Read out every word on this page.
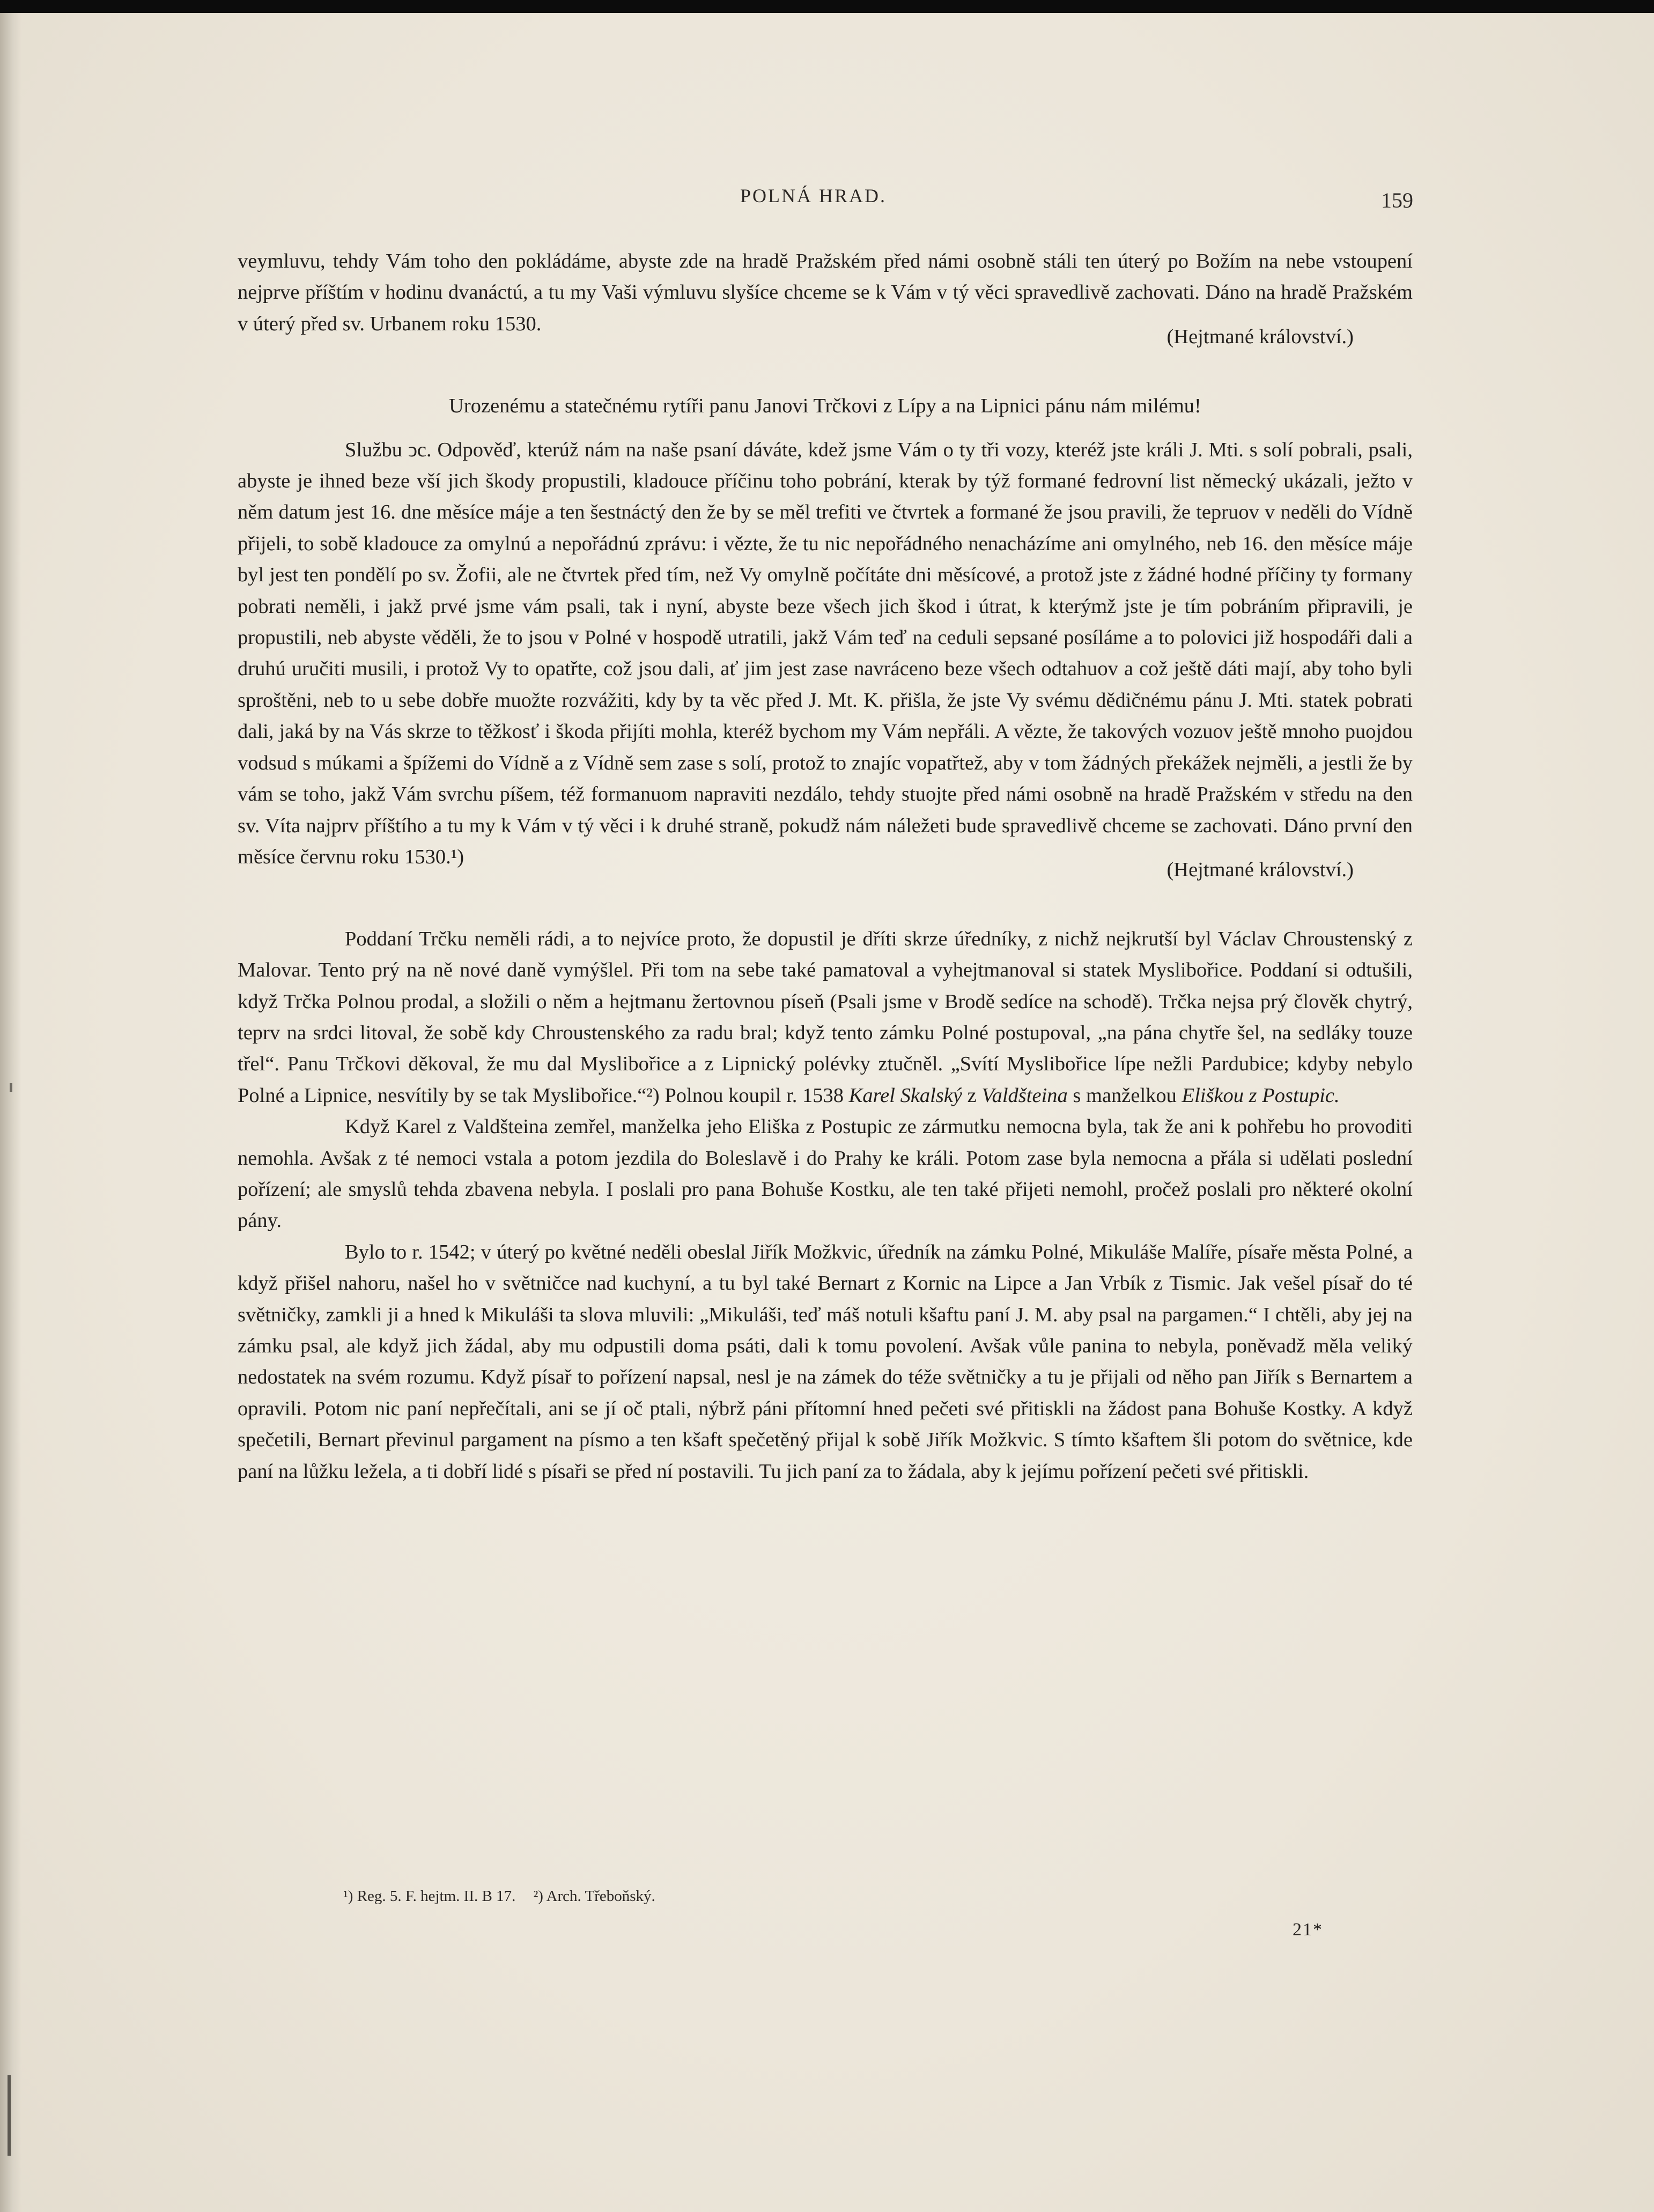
POLNÁ HRAD.	159

veymluvu, tehdy Vám toho den pokládáme, abyste zde na hradě Pražském před námi osobně stáli ten úterý po Božím na nebe vstoupení nejprve příštím v hodinu dvanáctú, a tu my Vaši výmluvu slyšíce chceme se k Vám v tý věci spravedlivě zachovati. Dáno na hradě Pražském v úterý před sv. Urbanem roku 1530.

(Hejtmané království.)

Urozenému a statečnému rytíři panu Janovi Trčkovi z Lípy a na Lipnici pánu nám milému!

Službu ↄc. Odpověď, kterúž nám na naše psaní dáváte, kdež jsme Vám o ty tři vozy, kteréž jste králi J. Mti. s solí pobrali, psali, abyste je ihned beze vší jich škody propustili, kladouce příčinu toho pobrání, kterak by týž formané fedrovní list německý ukázali, ježto v něm datum jest 16. dne měsíce máje a ten šestnáctý den že by se měl trefiti ve čtvrtek a formané že jsou pravili, že tepruov v neděli do Vídně přijeli, to sobě kladouce za omylnú a nepořádnú zprávu: i vězte, že tu nic nepořádného nenacházíme ani omylného, neb 16. den měsíce máje byl jest ten pondělí po sv. Žofii, ale ne čtvrtek před tím, než Vy omylně počítáte dni měsícové, a protož jste z žádné hodné příčiny ty formany pobrati neměli, i jakž prvé jsme vám psali, tak i nyní, abyste beze všech jich škod i útrat, k kterýmž jste je tím pobráním připravili, je propustili, neb abyste věděli, že to jsou v Polné v hospodě utratili, jakž Vám teď na ceduli sepsané posíláme a to polovici již hospodáři dali a druhú uručiti musili, i protož Vy to opatřte, což jsou dali, ať jim jest zase navráceno beze všech odtahuov a což ještě dáti mají, aby toho byli sproštěni, neb to u sebe dobře muožte rozvážiti, kdy by ta věc před J. Mt. K. přišla, že jste Vy svému dědičnému pánu J. Mti. statek pobrati dali, jaká by na Vás skrze to těžkosť i škoda přijíti mohla, kteréž bychom my Vám nepřáli. A vězte, že takových vozuov ještě mnoho puojdou vodsud s múkami a špížemi do Vídně a z Vídně sem zase s solí, protož to znajíc vopatřtež, aby v tom žádných překážek nejměli, a jestli že by vám se toho, jakž Vám svrchu píšem, též formanuom napraviti nezdálo, tehdy stuojte před námi osobně na hradě Pražském v středu na den sv. Víta najprv příštího a tu my k Vám v tý věci i k druhé straně, pokudž nám náležeti bude spravedlivě chceme se zachovati. Dáno první den měsíce červnu roku 1530.¹)

(Hejtmané království.)

Poddaní Trčku neměli rádi, a to nejvíce proto, že dopustil je dříti skrze úředníky, z nichž nejkrutší byl Václav Chroustenský z Malovar. Tento prý na ně nové daně vymýšlel. Při tom na sebe také pamatoval a vyhejtmanoval si statek Myslibořice. Poddaní si odtušili, když Trčka Polnou prodal, a složili o něm a hejtmanu žertovnou píseň (Psali jsme v Brodě sedíce na schodě). Trčka nejsa prý člověk chytrý, teprv na srdci litoval, že sobě kdy Chroustenského za radu bral; když tento zámku Polné postupoval, „na pána chytře šel, na sedláky touze třel“. Panu Trčkovi děkoval, že mu dal Myslibořice a z Lipnický polévky ztučněl. „Svítí Myslibořice lípe nežli Pardubice; kdyby nebylo Polné a Lipnice, nesvítily by se tak Myslibořice.“²) Polnou koupil r. 1538 Karel Skalský z Valdšteina s manželkou Eliškou z Postupic.

Když Karel z Valdšteina zemřel, manželka jeho Eliška z Postupic ze zármutku nemocna byla, tak že ani k pohřebu ho provoditi nemohla. Avšak z té nemoci vstala a potom jezdila do Boleslavě i do Prahy ke králi. Potom zase byla nemocna a přála si udělati poslední pořízení; ale smyslů tehda zbavena nebyla. I poslali pro pana Bohuše Kostku, ale ten také přijeti nemohl, pročež poslali pro některé okolní pány.

Bylo to r. 1542; v úterý po květné neděli obeslal Jiřík Možkvic, úředník na zámku Polné, Mikuláše Malíře, písaře města Polné, a když přišel nahoru, našel ho v světničce nad kuchyní, a tu byl také Bernart z Kornic na Lipce a Jan Vrbík z Tismic. Jak vešel písař do té světničky, zamkli ji a hned k Mikuláši ta slova mluvili: „Mikuláši, teď máš notuli kšaftu paní J. M. aby psal na pargamen.“ I chtěli, aby jej na zámku psal, ale když jich žádal, aby mu odpustili doma psáti, dali k tomu povolení. Avšak vůle panina to nebyla, poněvadž měla veliký nedostatek na svém rozumu. Když písař to pořízení napsal, nesl je na zámek do téže světničky a tu je přijali od něho pan Jiřík s Bernartem a opravili. Potom nic paní nepřečítali, ani se jí oč ptali, nýbrž páni přítomní hned pečeti své přitiskli na žádost pana Bohuše Kostky. A když spečetili, Bernart převinul pargament na písmo a ten kšaft spečetěný přijal k sobě Jiřík Možkvic. S tímto kšaftem šli potom do světnice, kde paní na lůžku ležela, a ti dobří lidé s písaři se před ní postavili. Tu jich paní za to žádala, aby k jejímu pořízení pečeti své přitiskli.

¹) Reg. 5. F. hejtm. II. B 17. ²) Arch. Třeboňský.
21*
